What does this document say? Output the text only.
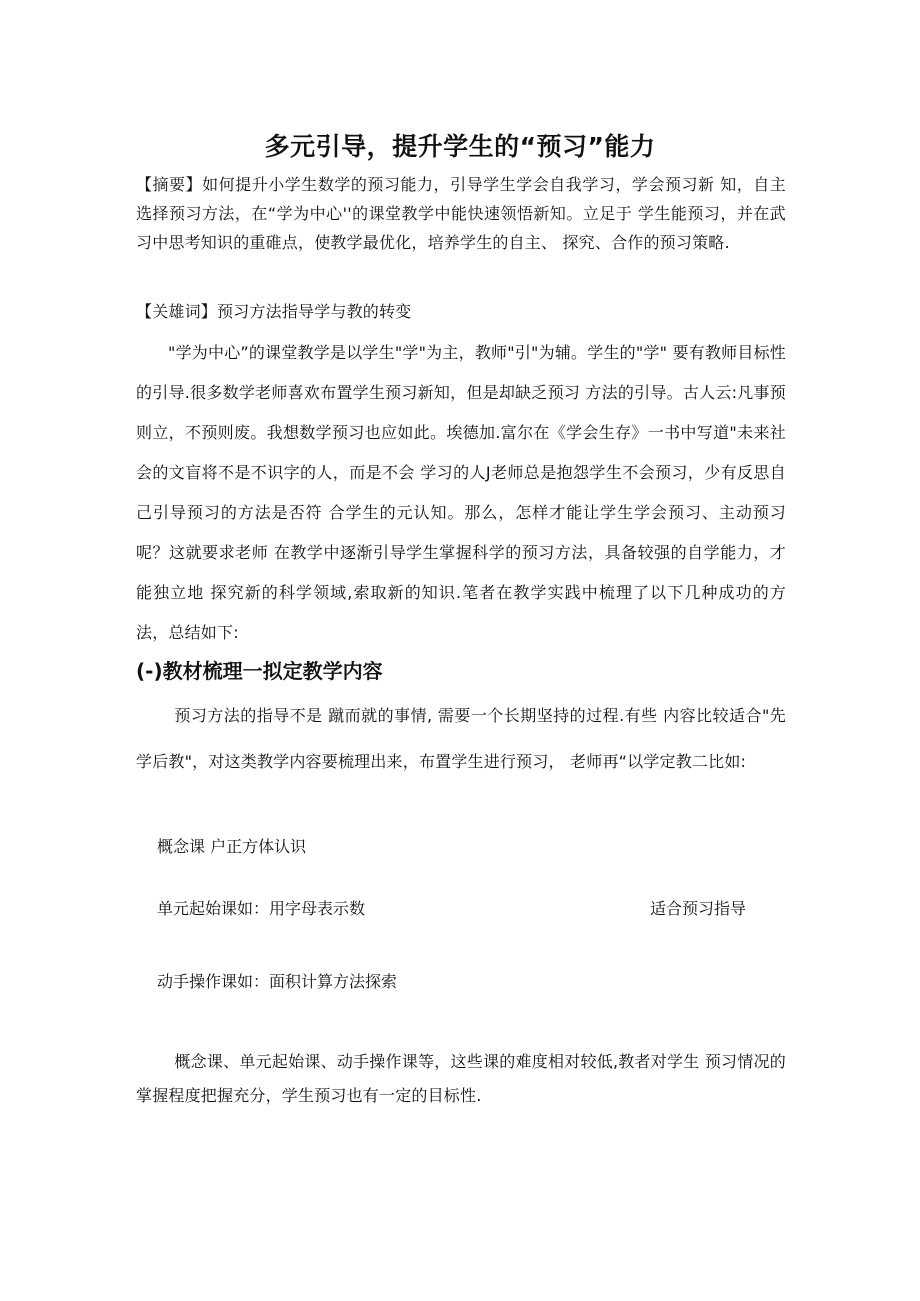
多元引导，提升学生的“预习”能力

【摘要】如何提升小学生数学的预习能力，引导学生学会自我学习，学会预习新 知，自主选择预习方法，在“学为中心''的课堂教学中能快速领悟新知。立足于 学生能预习，并在武习中思考知识的重碓点，使教学最优化，培养学生的自主、 探究、合作的预习策略.

【关雄词】预习方法指导学与教的转变

"学为中心”的课堂教学是以学生"学"为主，教师"引"为辅。学生的"学" 要有教师目标性的引导.很多数学老师喜欢布置学生预习新知，但是却缺乏预习 方法的引导。古人云:凡事预则立，不预则废。我想数学预习也应如此。埃德加.富尔在《学会生存》一书中写道"未来社会的文盲将不是不识字的人，而是不会 学习的人J老师总是抱怨学生不会预习，少有反思自己引导预习的方法是否符 合学生的元认知。那么，怎样才能让学生学会预习、主动预习呢？这就要求老师 在教学中逐渐引导学生掌握科学的预习方法，具备较强的自学能力，才能独立地 探究新的科学领域,索取新的知识.笔者在教学实践中梳理了以下几种成功的方 法，总结如下:

(-)教材梳理一拟定教学内容

预习方法的指导不是 蹴而就的事情, 需要一个长期坚持的过程.有些 内容比较适合"先学后教"，对这类教学内容要梳理出来，布置学生进行预习， 老师再“以学定教二比如:

概念课 户正方体认识

单元起始课如：用字母表示数	适合预习指导

动手操作课如：面积计算方法探索

概念课、单元起始课、动手操作课等，这些课的难度相对较低,教者对学生 预习情况的掌握程度把握充分，学生预习也有一定的目标性.
